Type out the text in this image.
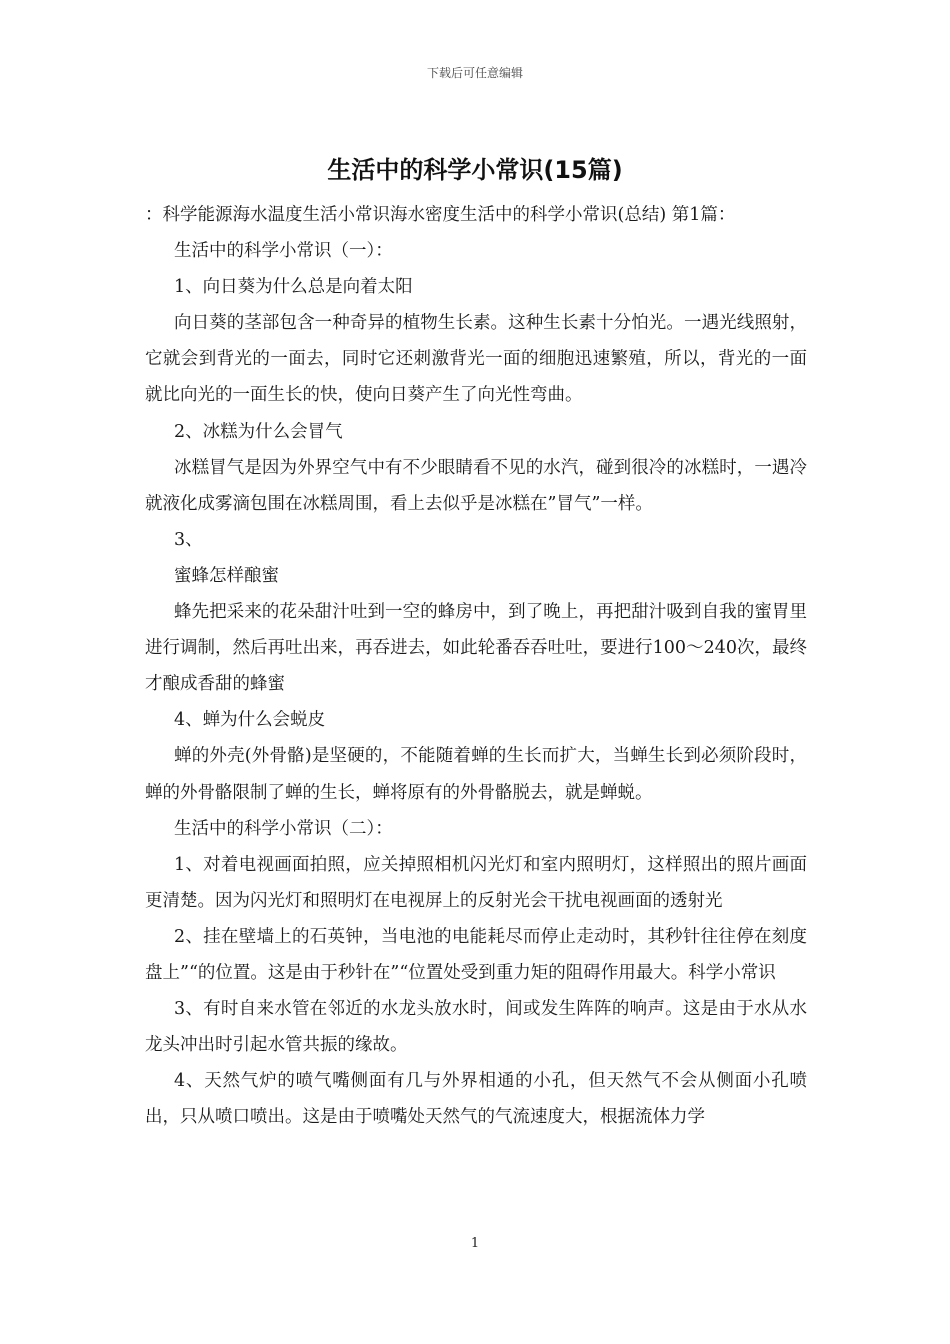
下载后可任意编辑
生活中的科学小常识(15篇)

：科学能源海水温度生活小常识海水密度生活中的科学小常识(总结) 第1篇：

生活中的科学小常识（一）：

1、向日葵为什么总是向着太阳

向日葵的茎部包含一种奇异的植物生长素。这种生长素十分怕光。一遇光线照射，它就会到背光的一面去，同时它还刺激背光一面的细胞迅速繁殖，所以，背光的一面就比向光的一面生长的快，使向日葵产生了向光性弯曲。

2、冰糕为什么会冒气

冰糕冒气是因为外界空气中有不少眼睛看不见的水汽，碰到很冷的冰糕时，一遇冷就液化成雾滴包围在冰糕周围，看上去似乎是冰糕在”冒气”一样。

3、

蜜蜂怎样酿蜜

蜂先把采来的花朵甜汁吐到一空的蜂房中，到了晚上，再把甜汁吸到自我的蜜胃里进行调制，然后再吐出来，再吞进去，如此轮番吞吞吐吐，要进行100～240次，最终才酿成香甜的蜂蜜

4、蝉为什么会蜕皮

蝉的外壳(外骨骼)是坚硬的，不能随着蝉的生长而扩大，当蝉生长到必须阶段时，蝉的外骨骼限制了蝉的生长，蝉将原有的外骨骼脱去，就是蝉蜕。

生活中的科学小常识（二）：

1、对着电视画面拍照，应关掉照相机闪光灯和室内照明灯，这样照出的照片画面更清楚。因为闪光灯和照明灯在电视屏上的反射光会干扰电视画面的透射光

2、挂在壁墙上的石英钟，当电池的电能耗尽而停止走动时，其秒针往往停在刻度盘上”“的位置。这是由于秒针在”“位置处受到重力矩的阻碍作用最大。科学小常识

3、有时自来水管在邻近的水龙头放水时，间或发生阵阵的响声。这是由于水从水龙头冲出时引起水管共振的缘故。

4、天然气炉的喷气嘴侧面有几与外界相通的小孔，但天然气不会从侧面小孔喷出，只从喷口喷出。这是由于喷嘴处天然气的气流速度大，根据流体力学

1
